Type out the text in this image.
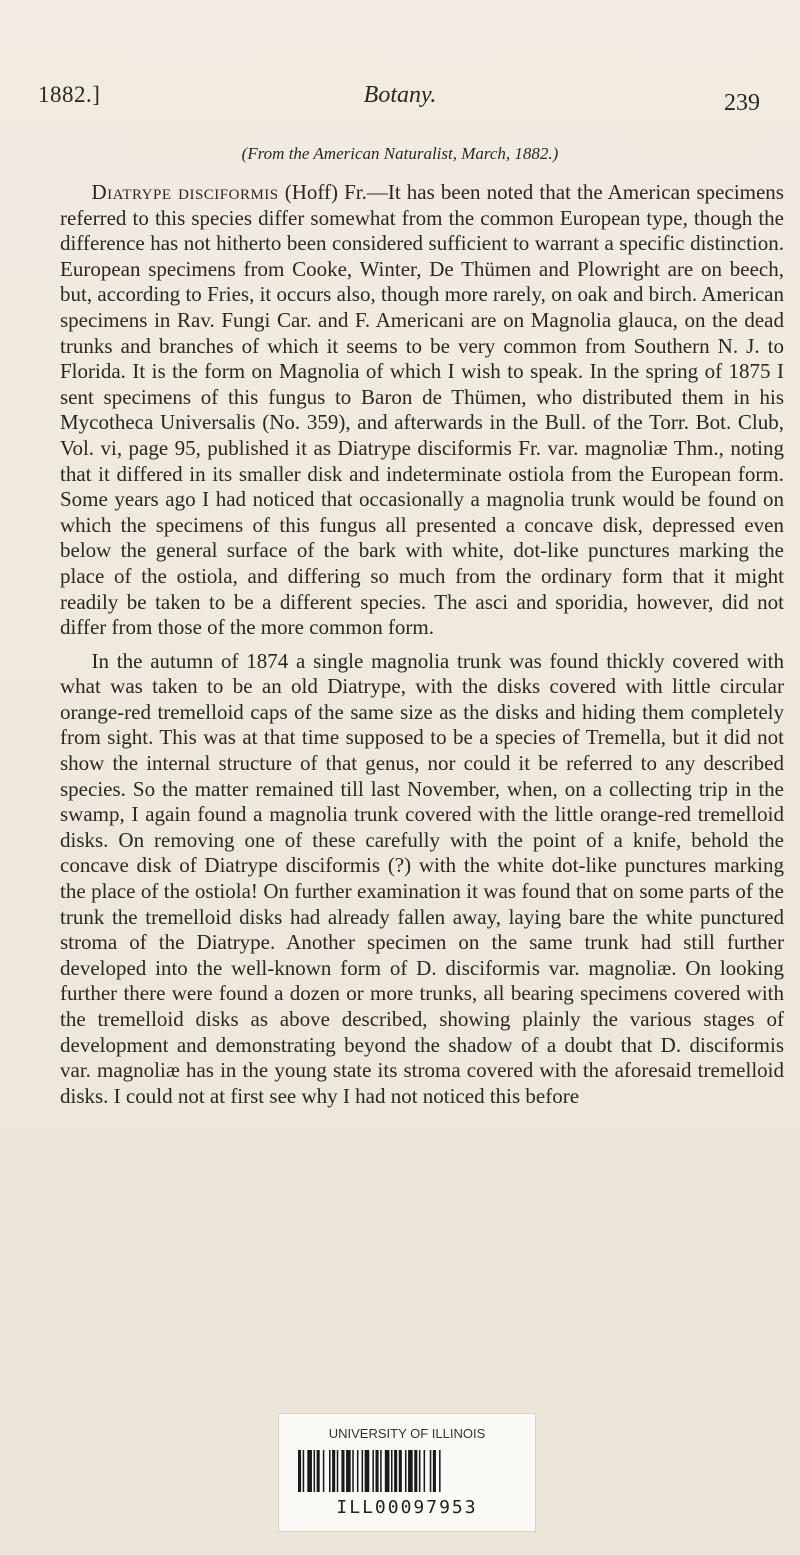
1882.]	Botany.	239
(From the American Naturalist, March, 1882.)

Diatrype disciformis (Hoff) Fr.—It has been noted that the American specimens referred to this species differ somewhat from the common European type, though the difference has not hitherto been considered sufficient to warrant a specific distinction. European specimens from Cooke, Winter, De Thümen and Plowright are on beech, but, according to Fries, it occurs also, though more rarely, on oak and birch. American specimens in Rav. Fungi Car. and F. Americani are on Magnolia glauca, on the dead trunks and branches of which it seems to be very common from Southern N. J. to Florida. It is the form on Magnolia of which I wish to speak. In the spring of 1875 I sent specimens of this fungus to Baron de Thümen, who distributed them in his Mycotheca Universalis (No. 359), and afterwards in the Bull. of the Torr. Bot. Club, Vol. vi, page 95, published it as Diatrype disciformis Fr. var. magnoliæ Thm., noting that it differed in its smaller disk and indeterminate ostiola from the European form. Some years ago I had noticed that occasionally a magnolia trunk would be found on which the specimens of this fungus all presented a concave disk, depressed even below the general surface of the bark with white, dot-like punctures marking the place of the ostiola, and differing so much from the ordinary form that it might readily be taken to be a different species. The asci and sporidia, however, did not differ from those of the more common form.

In the autumn of 1874 a single magnolia trunk was found thickly covered with what was taken to be an old Diatrype, with the disks covered with little circular orange-red tremelloid caps of the same size as the disks and hiding them completely from sight. This was at that time supposed to be a species of Tremella, but it did not show the internal structure of that genus, nor could it be referred to any described species. So the matter remained till last November, when, on a collecting trip in the swamp, I again found a magnolia trunk covered with the little orange-red tremelloid disks. On removing one of these carefully with the point of a knife, behold the concave disk of Diatrype disciformis (?) with the white dot-like punctures marking the place of the ostiola! On further examination it was found that on some parts of the trunk the tremelloid disks had already fallen away, laying bare the white punctured stroma of the Diatrype. Another specimen on the same trunk had still further developed into the well-known form of D. disciformis var. magnoliæ. On looking further there were found a dozen or more trunks, all bearing specimens covered with the tremelloid disks as above described, showing plainly the various stages of development and demonstrating beyond the shadow of a doubt that D. disciformis var. magnoliæ has in the young state its stroma covered with the aforesaid tremelloid disks. I could not at first see why I had not noticed this before

UNIVERSITY OF ILLINOIS
ILL00097953
